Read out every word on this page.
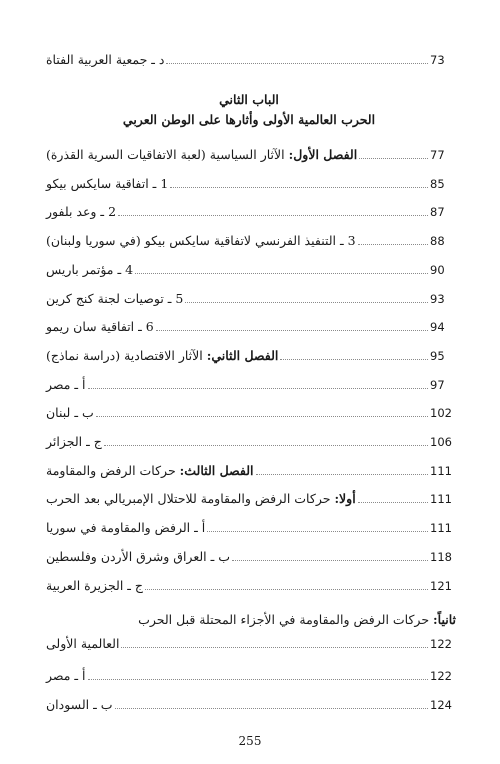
د ـ جمعية العربية الفتاة	73
الباب الثاني
الحرب العالمية الأولى وأثارها على الوطن العربي
الفصل الأول: الآثار السياسية (لعبة الاتفاقيات السرية القذرة)	77
1 ـ اتفاقية سايكس بيكو	85
2 ـ وعد بلفور	87
3 ـ التنفيذ الفرنسي لاتفاقية سايكس بيكو (في سوريا ولبنان)	88
4 ـ مؤتمر باريس	90
5 ـ توصيات لجنة كنج كرين	93
6 ـ اتفاقية سان ريمو	94
الفصل الثاني: الآثار الاقتصادية (دراسة نماذج)	95
أ ـ مصر	97
ب ـ لبنان	102
ج ـ الجزائر	106
الفصل الثالث: حركات الرفض والمقاومة	111
أولا: حركات الرفض والمقاومة للاحتلال الإمبريالي بعد الحرب	111
أ ـ الرفض والمقاومة في سوريا	111
ب ـ العراق وشرق الأردن وفلسطين	118
ج ـ الجزيرة العربية	121
ثانياً: حركات الرفض والمقاومة في الأجزاء المحتلة قبل الحرب
العالمية الأولى	122
أ ـ مصر	122
ب ـ السودان	124
255
